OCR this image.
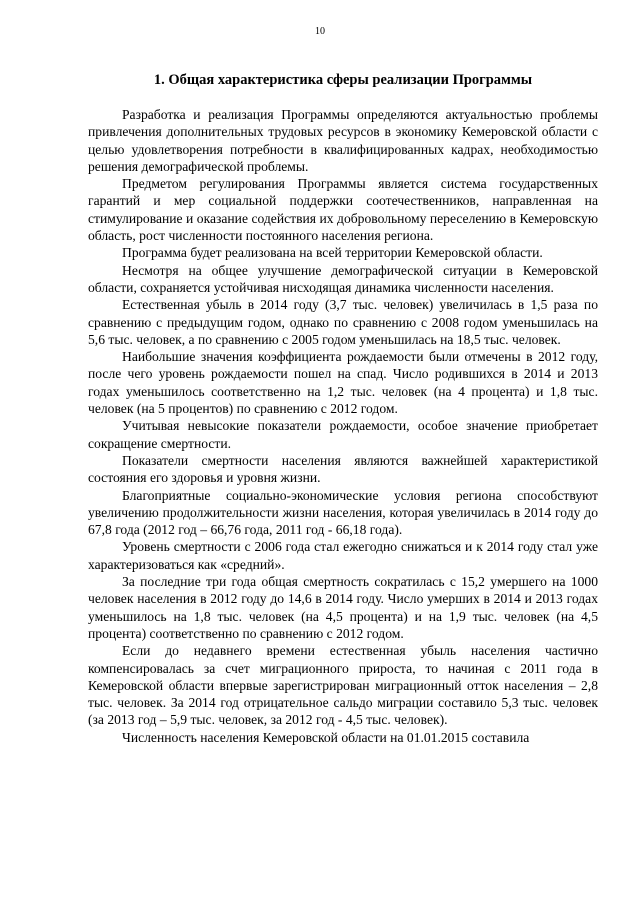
10
1. Общая характеристика сферы реализации Программы

Разработка и реализация Программы определяются актуальностью проблемы привлечения дополнительных трудовых ресурсов в экономику Кемеровской области с целью удовлетворения потребности в квалифицированных кадрах, необходимостью решения демографической проблемы.

Предметом регулирования Программы является система государственных гарантий и мер социальной поддержки соотечественников, направленная на стимулирование и оказание содействия их добровольному переселению в Кемеровскую область, рост численности постоянного населения региона.

Программа будет реализована на всей территории Кемеровской области.

Несмотря на общее улучшение демографической ситуации в Кемеровской области, сохраняется устойчивая нисходящая динамика численности населения.

Естественная убыль в 2014 году (3,7 тыс. человек) увеличилась в 1,5 раза по сравнению с предыдущим годом, однако по сравнению с 2008 годом уменьшилась на 5,6 тыс. человек, а по сравнению с 2005 годом уменьшилась на 18,5 тыс. человек.

Наибольшие значения коэффициента рождаемости были отмечены в 2012 году, после чего уровень рождаемости пошел на спад. Число родившихся в 2014 и 2013 годах уменьшилось соответственно на 1,2 тыс. человек (на 4 процента) и 1,8 тыс. человек (на 5 процентов) по сравнению с 2012 годом.

Учитывая невысокие показатели рождаемости, особое значение приобретает сокращение смертности.

Показатели смертности населения являются важнейшей характеристикой состояния его здоровья и уровня жизни.

Благоприятные социально-экономические условия региона способствуют увеличению продолжительности жизни населения, которая увеличилась в 2014 году до 67,8 года (2012 год – 66,76 года, 2011 год - 66,18 года).

Уровень смертности с 2006 года стал ежегодно снижаться и к 2014 году стал уже характеризоваться как «средний».

За последние три года общая смертность сократилась с 15,2 умершего на 1000 человек населения в 2012 году до 14,6 в 2014 году. Число умерших в 2014 и 2013 годах уменьшилось на 1,8 тыс. человек (на 4,5 процента) и на 1,9 тыс. человек (на 4,5 процента) соответственно по сравнению с 2012 годом.

Если до недавнего времени естественная убыль населения частично компенсировалась за счет миграционного прироста, то начиная с 2011 года в Кемеровской области впервые зарегистрирован миграционный отток населения – 2,8 тыс. человек. За 2014 год отрицательное сальдо миграции составило 5,3 тыс. человек (за 2013 год – 5,9 тыс. человек, за 2012 год - 4,5 тыс. человек).

Численность населения Кемеровской области на 01.01.2015 составила
